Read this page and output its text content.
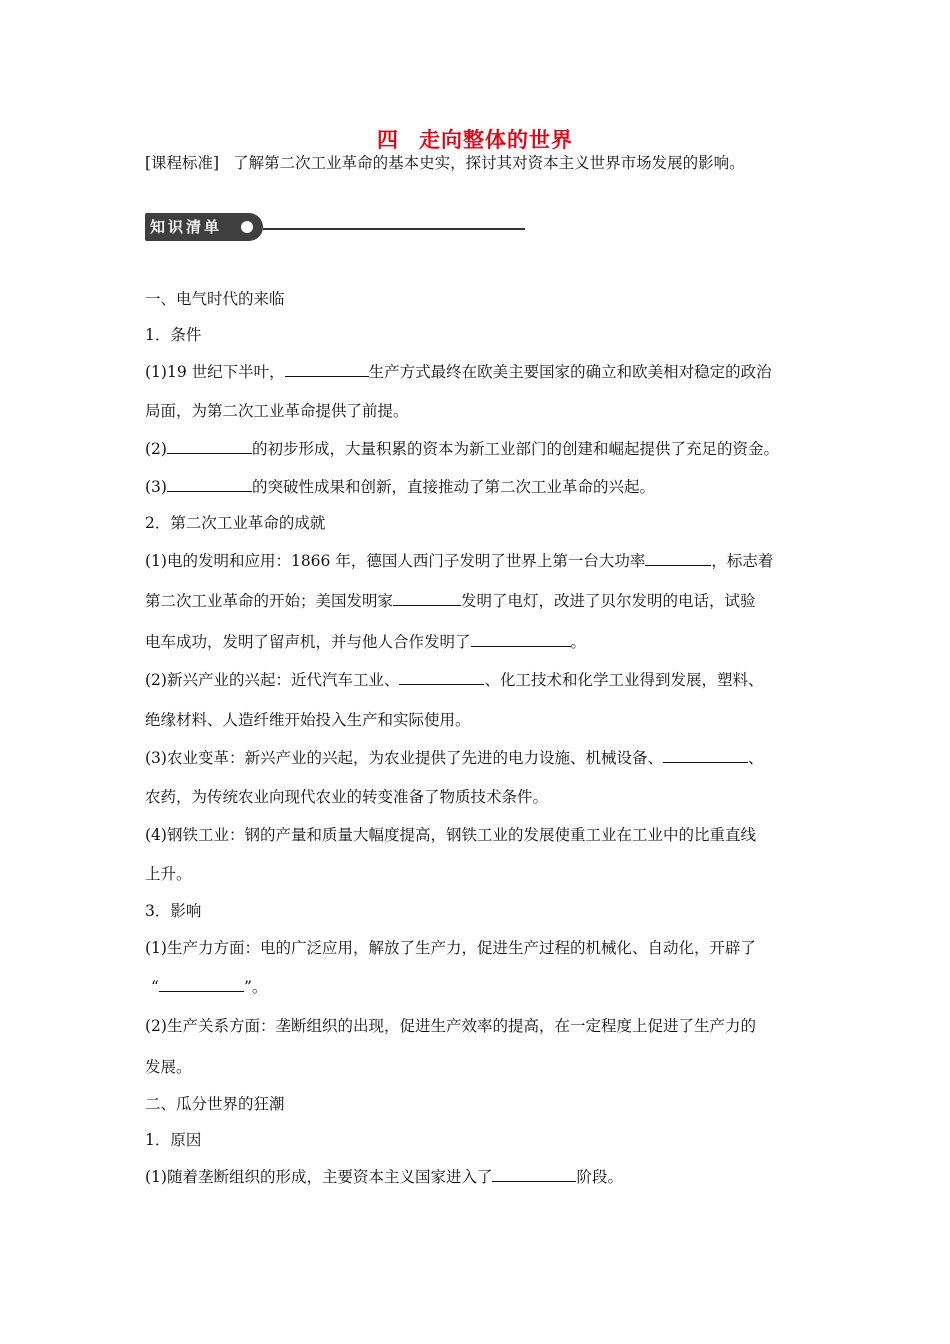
四 走向整体的世界
[课程标准] 了解第二次工业革命的基本史实，探讨其对资本主义世界市场发展的影响。
知识清单
一、电气时代的来临
1．条件
(1)19 世纪下半叶，	生产方式最终在欧美主要国家的确立和欧美相对稳定的政治
局面，为第二次工业革命提供了前提。
(2)	的初步形成，大量积累的资本为新工业部门的创建和崛起提供了充足的资金。
(3)	的突破性成果和创新，直接推动了第二次工业革命的兴起。
2．第二次工业革命的成就
(1)电的发明和应用：1866 年，德国人西门子发明了世界上第一台大功率	，标志着
第二次工业革命的开始；美国发明家	发明了电灯，改进了贝尔发明的电话，试验
电车成功，发明了留声机，并与他人合作发明了	。
(2)新兴产业的兴起：近代汽车工业、	、化工技术和化学工业得到发展，塑料、
绝缘材料、人造纤维开始投入生产和实际使用。
(3)农业变革：新兴产业的兴起，为农业提供了先进的电力设施、机械设备、	、
农药，为传统农业向现代农业的转变准备了物质技术条件。
(4)钢铁工业：钢的产量和质量大幅度提高，钢铁工业的发展使重工业在工业中的比重直线
上升。
3．影响
(1)生产力方面：电的广泛应用，解放了生产力，促进生产过程的机械化、自动化，开辟了
“	”。
(2)生产关系方面：垄断组织的出现，促进生产效率的提高，在一定程度上促进了生产力的
发展。
二、瓜分世界的狂潮
1．原因
(1)随着垄断组织的形成，主要资本主义国家进入了	阶段。
